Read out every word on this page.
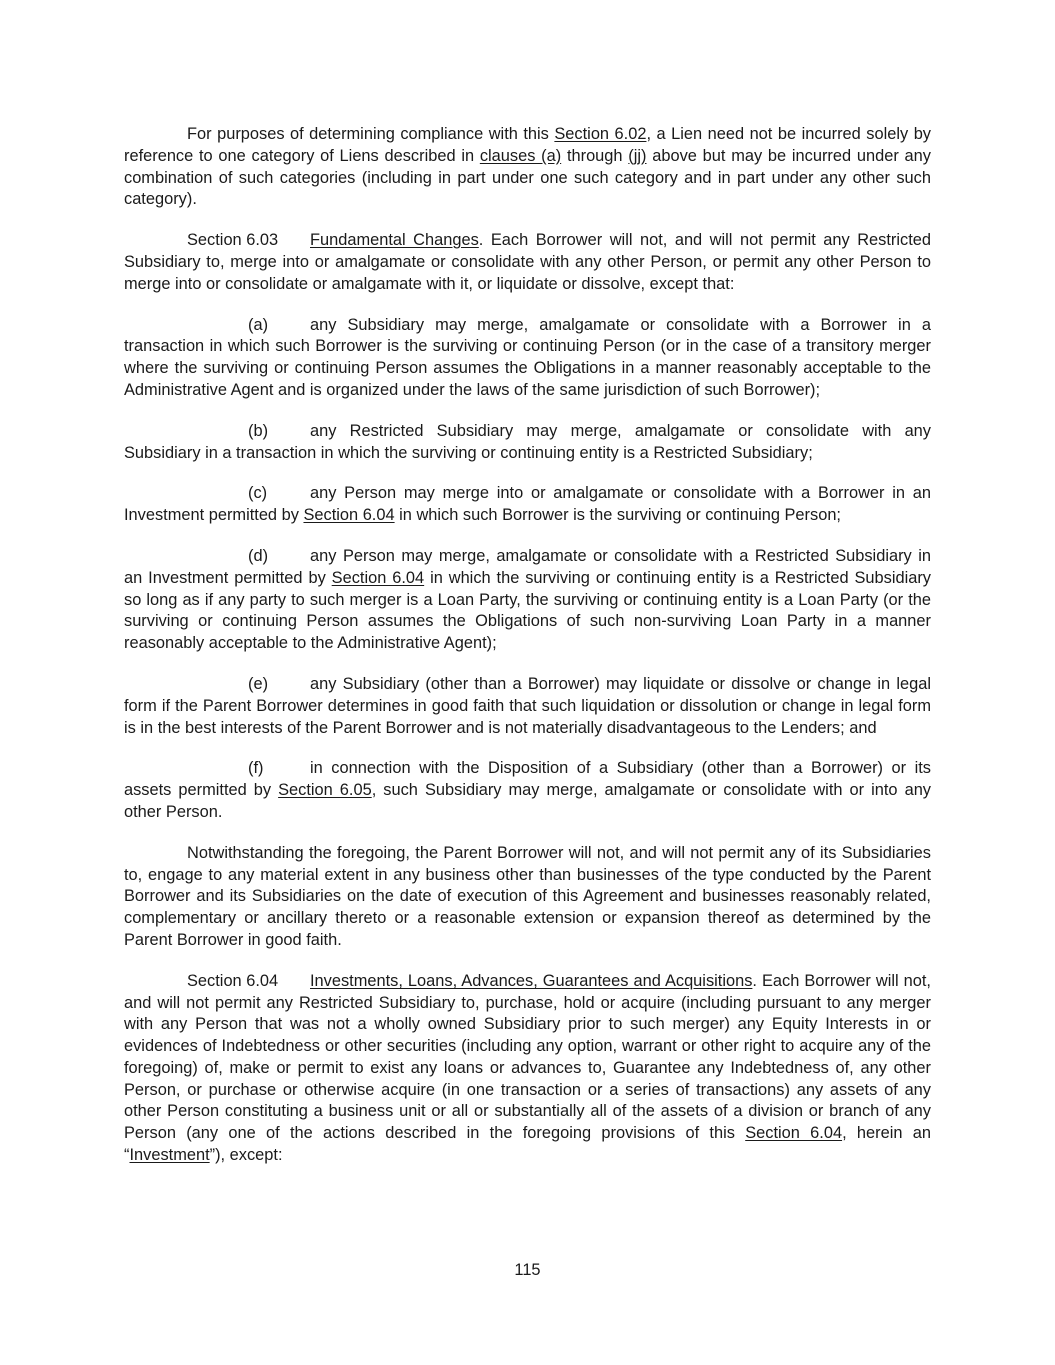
For purposes of determining compliance with this Section 6.02, a Lien need not be incurred solely by reference to one category of Liens described in clauses (a) through (jj) above but may be incurred under any combination of such categories (including in part under one such category and in part under any other such category).

Section 6.03 Fundamental Changes. Each Borrower will not, and will not permit any Restricted Subsidiary to, merge into or amalgamate or consolidate with any other Person, or permit any other Person to merge into or consolidate or amalgamate with it, or liquidate or dissolve, except that:

(a)	any Subsidiary may merge, amalgamate or consolidate with a Borrower in a transaction in which such Borrower is the surviving or continuing Person (or in the case of a transitory merger where the surviving or continuing Person assumes the Obligations in a manner reasonably acceptable to the Administrative Agent and is organized under the laws of the same jurisdiction of such Borrower);

(b)	any Restricted Subsidiary may merge, amalgamate or consolidate with any Subsidiary in a transaction in which the surviving or continuing entity is a Restricted Subsidiary;

(c)	any Person may merge into or amalgamate or consolidate with a Borrower in an Investment permitted by Section 6.04 in which such Borrower is the surviving or continuing Person;

(d)	any Person may merge, amalgamate or consolidate with a Restricted Subsidiary in an Investment permitted by Section 6.04 in which the surviving or continuing entity is a Restricted Subsidiary so long as if any party to such merger is a Loan Party, the surviving or continuing entity is a Loan Party (or the surviving or continuing Person assumes the Obligations of such non-surviving Loan Party in a manner reasonably acceptable to the Administrative Agent);

(e)	any Subsidiary (other than a Borrower) may liquidate or dissolve or change in legal form if the Parent Borrower determines in good faith that such liquidation or dissolution or change in legal form is in the best interests of the Parent Borrower and is not materially disadvantageous to the Lenders; and

(f)	in connection with the Disposition of a Subsidiary (other than a Borrower) or its assets permitted by Section 6.05, such Subsidiary may merge, amalgamate or consolidate with or into any other Person.

Notwithstanding the foregoing, the Parent Borrower will not, and will not permit any of its Subsidiaries to, engage to any material extent in any business other than businesses of the type conducted by the Parent Borrower and its Subsidiaries on the date of execution of this Agreement and businesses reasonably related, complementary or ancillary thereto or a reasonable extension or expansion thereof as determined by the Parent Borrower in good faith.

Section 6.04 Investments, Loans, Advances, Guarantees and Acquisitions. Each Borrower will not, and will not permit any Restricted Subsidiary to, purchase, hold or acquire (including pursuant to any merger with any Person that was not a wholly owned Subsidiary prior to such merger) any Equity Interests in or evidences of Indebtedness or other securities (including any option, warrant or other right to acquire any of the foregoing) of, make or permit to exist any loans or advances to, Guarantee any Indebtedness of, any other Person, or purchase or otherwise acquire (in one transaction or a series of transactions) any assets of any other Person constituting a business unit or all or substantially all of the assets of a division or branch of any Person (any one of the actions described in the foregoing provisions of this Section 6.04, herein an “Investment”), except:

115
